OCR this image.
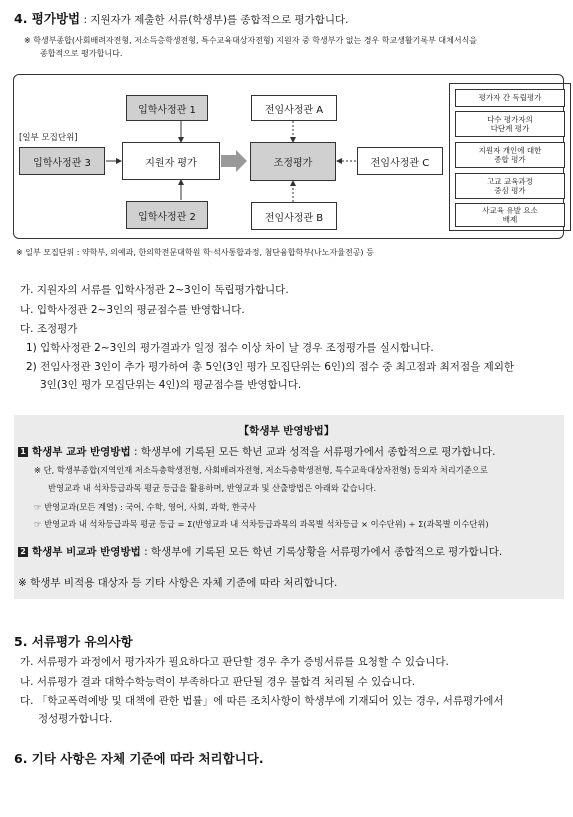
4. 평가방법 : 지원자가 제출한 서류(학생부)를 종합적으로 평가합니다.
※ 학생부종합(사회배려자전형, 저소득층학생전형, 특수교육대상자전형) 지원자 중 학생부가 없는 경우 학교생활기록부 대체서식을
종합적으로 평가합니다.
[일부 모집단위]
입학사정관 3
입학사정관 1
지원자 평가
입학사정관 2
전임사정관 A
조정평가
전임사정관 B
전임사정관 C
평가자 간 독립평가
다수 평가자의
다단계 평가
지원자 개인에 대한
종합 평가
고교 교육과정
중심 평가
사교육 유발 요소
배제
※ 일부 모집단위 : 약학부, 의예과, 한의학전문대학원 학·석사통합과정, 첨단융합학부(나노자율전공) 등
가. 지원자의 서류를 입학사정관 2~3인이 독립평가합니다.
나. 입학사정관 2~3인의 평균점수를 반영합니다.
다. 조정평가
1) 입학사정관 2~3인의 평가결과가 일정 점수 이상 차이 날 경우 조정평가를 실시합니다.
2) 전임사정관 3인이 추가 평가하여 총 5인(3인 평가 모집단위는 6인)의 점수 중 최고점과 최저점을 제외한
3인(3인 평가 모집단위는 4인)의 평균점수를 반영합니다.
【학생부 반영방법】
1 학생부 교과 반영방법 : 학생부에 기록된 모든 학년 교과 성적을 서류평가에서 종합적으로 평가합니다.
※ 단, 학생부종합(지역인재 저소득층학생전형, 사회배려자전형, 저소득층학생전형, 특수교육대상자전형) 등외자 처리기준으로
반영교과 내 석차등급과목 평균 등급을 활용하며, 반영교과 및 산출방법은 아래와 같습니다.
☞ 반영교과(모든 계열) : 국어, 수학, 영어, 사회, 과학, 한국사
☞ 반영교과 내 석차등급과목 평균 등급 = Σ(반영교과 내 석차등급과목의 과목별 석차등급 × 이수단위) ÷ Σ(과목별 이수단위)
2 학생부 비교과 반영방법 : 학생부에 기록된 모든 학년 기록상황을 서류평가에서 종합적으로 평가합니다.
※ 학생부 비적용 대상자 등 기타 사항은 자체 기준에 따라 처리합니다.
5. 서류평가 유의사항
가. 서류평가 과정에서 평가자가 필요하다고 판단할 경우 추가 증빙서류를 요청할 수 있습니다.
나. 서류평가 결과 대학수학능력이 부족하다고 판단될 경우 불합격 처리될 수 있습니다.
다. 「학교폭력예방 및 대책에 관한 법률」에 따른 조치사항이 학생부에 기재되어 있는 경우, 서류평가에서
정성평가합니다.
6. 기타 사항은 자체 기준에 따라 처리합니다.
